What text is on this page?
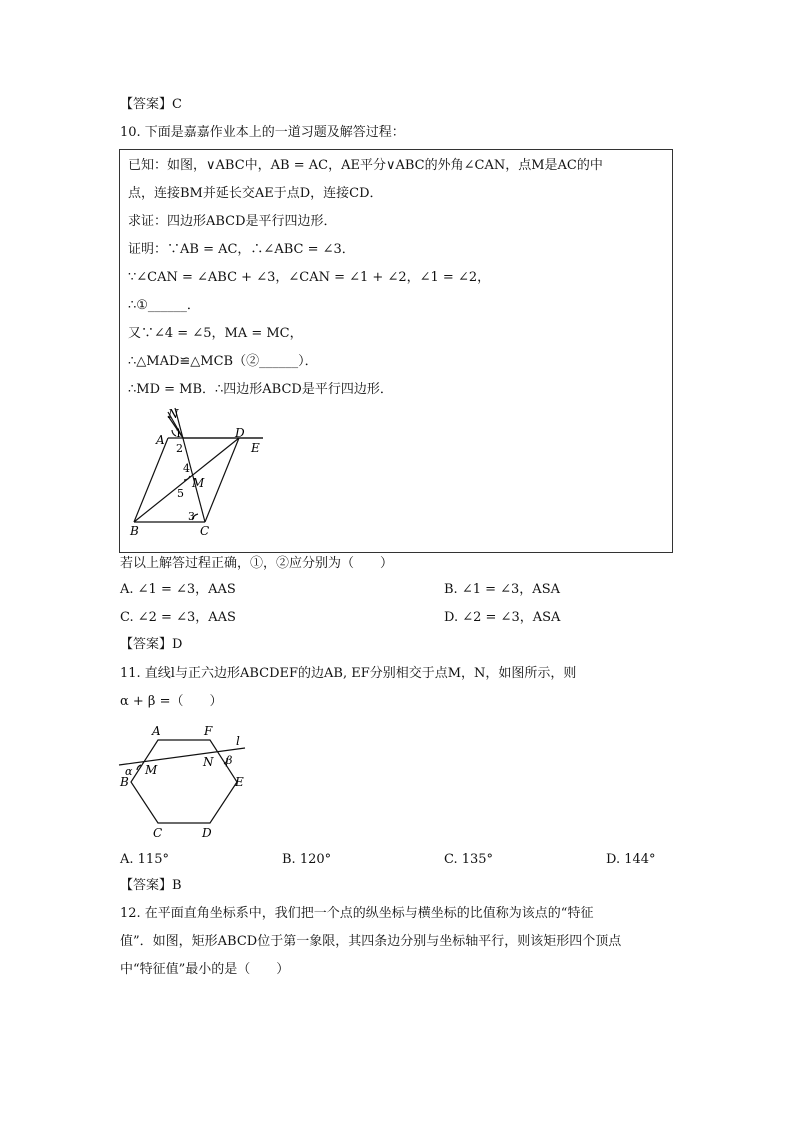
【答案】C
10. 下面是嘉嘉作业本上的一道习题及解答过程：
已知：如图，∨ABC中，AB = AC，AE平分∨ABC的外角∠CAN，点M是AC的中
点，连接BM并延长交AE于点D，连接CD．
求证：四边形ABCD是平行四边形．
证明：∵AB = AC，∴∠ABC = ∠3．
∵∠CAN = ∠ABC + ∠3，∠CAN = ∠1 + ∠2，∠1 = ∠2，
∴①______．
又∵∠4 = ∠5，MA = MC，
∴△MAD≌△MCB（②______）．
∴MD = MB．∴四边形ABCD是平行四边形．
N
A	D
E
M
B	C
1
2
3
4
5
若以上解答过程正确，①，②应分别为（　　）
A. ∠1 = ∠3，AAS	B. ∠1 = ∠3，ASA
C. ∠2 = ∠3，AAS	D. ∠2 = ∠3，ASA
【答案】D
11. 直线l与正六边形ABCDEF的边AB, EF分别相交于点M，N，如图所示，则
α + β =（　　）
A	F
l
α M
N β
B	E
C	D
A. 115°	B. 120°	C. 135°	D. 144°
【答案】B
12. 在平面直角坐标系中，我们把一个点的纵坐标与横坐标的比值称为该点的“特征
值”．如图，矩形ABCD位于第一象限，其四条边分别与坐标轴平行，则该矩形四个顶点
中“特征值”最小的是（　　）
